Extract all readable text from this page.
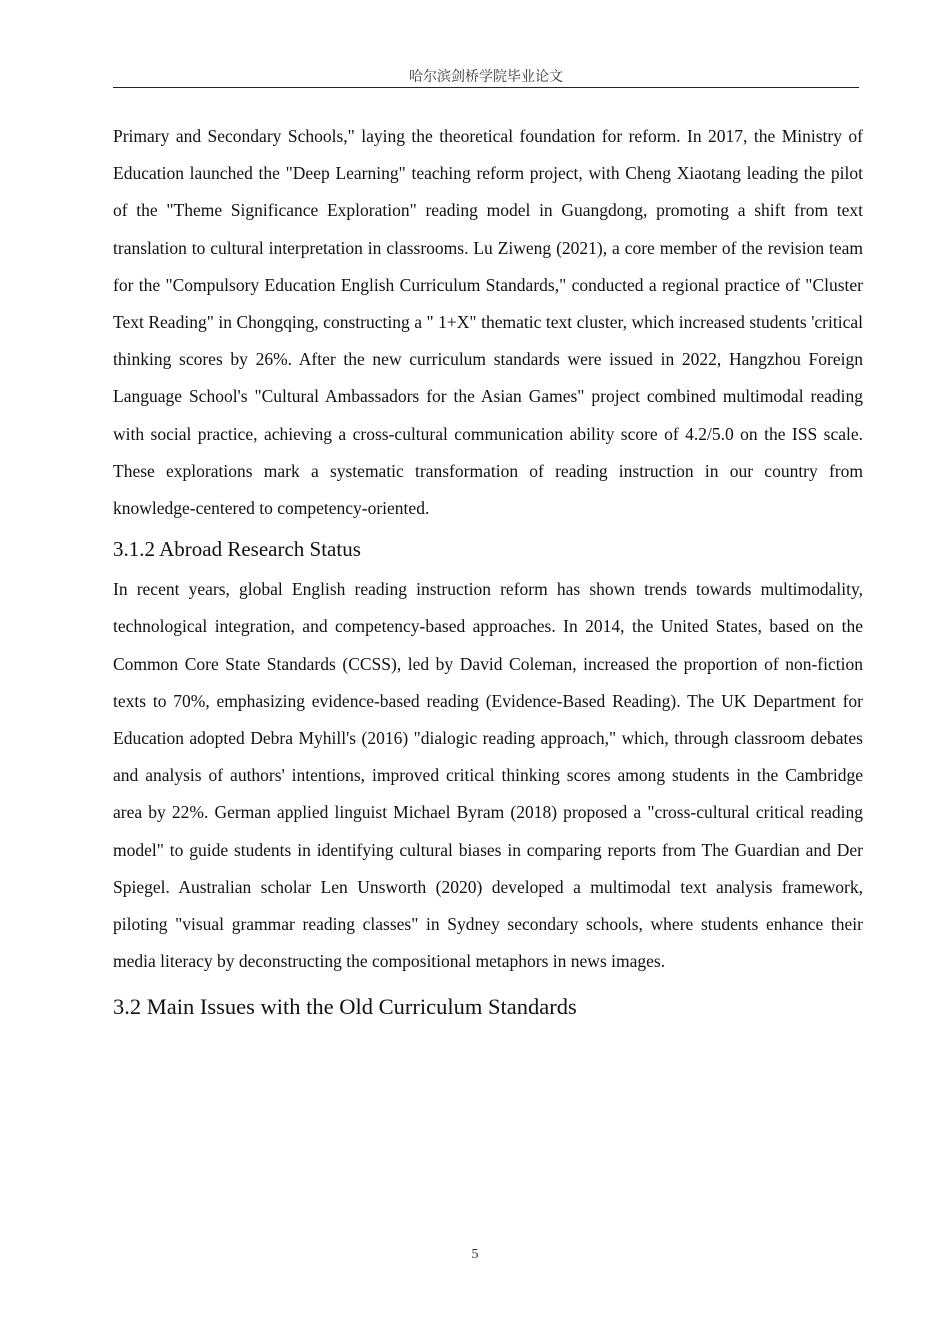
哈尔滨剑桥学院毕业论文

Primary and Secondary Schools," laying the theoretical foundation for reform. In 2017, the Ministry of Education launched the "Deep Learning" teaching reform project, with Cheng Xiaotang leading the pilot of the "Theme Significance Exploration" reading model in Guangdong, promoting a shift from text translation to cultural interpretation in classrooms. Lu Ziweng (2021), a core member of the revision team for the "Compulsory Education English Curriculum Standards," conducted a regional practice of "Cluster Text Reading" in Chongqing, constructing a " 1+X" thematic text cluster, which increased students 'critical thinking scores by 26%. After the new curriculum standards were issued in 2022, Hangzhou Foreign Language School's "Cultural Ambassadors for the Asian Games" project combined multimodal reading with social practice, achieving a cross-cultural communication ability score of 4.2/5.0 on the ISS scale. These explorations mark a systematic transformation of reading instruction in our country from knowledge-centered to competency-oriented.

3.1.2 Abroad Research Status

In recent years, global English reading instruction reform has shown trends towards multimodality, technological integration, and competency-based approaches. In 2014, the United States, based on the Common Core State Standards (CCSS), led by David Coleman, increased the proportion of non-fiction texts to 70%, emphasizing evidence-based reading (Evidence-Based Reading). The UK Department for Education adopted Debra Myhill's (2016) "dialogic reading approach," which, through classroom debates and analysis of authors' intentions, improved critical thinking scores among students in the Cambridge area by 22%. German applied linguist Michael Byram (2018) proposed a "cross-cultural critical reading model" to guide students in identifying cultural biases in comparing reports from The Guardian and Der Spiegel. Australian scholar Len Unsworth (2020) developed a multimodal text analysis framework, piloting "visual grammar reading classes" in Sydney secondary schools, where students enhance their media literacy by deconstructing the compositional metaphors in news images.

3.2 Main Issues with the Old Curriculum Standards
5
